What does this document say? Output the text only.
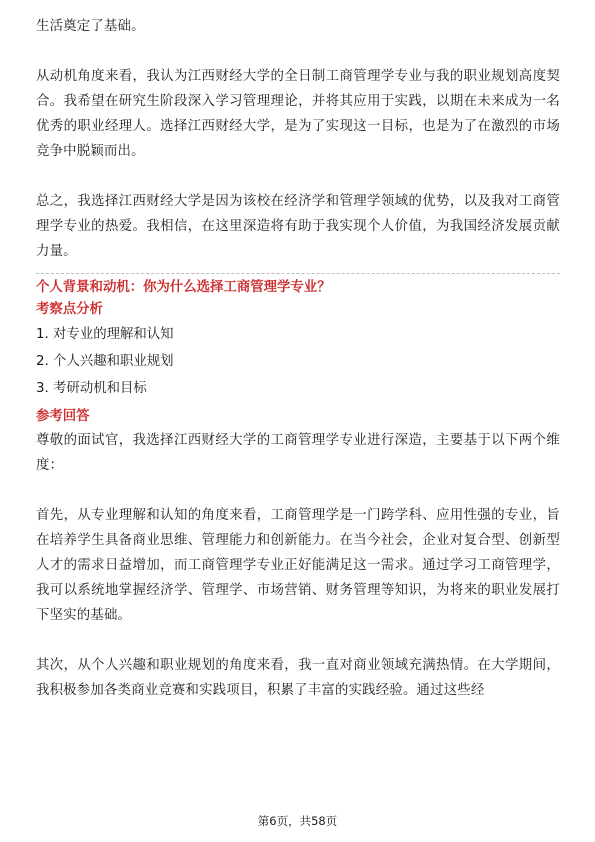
生活奠定了基础。

从动机角度来看，我认为江西财经大学的全日制工商管理学专业与我的职业规划高度契合。我希望在研究生阶段深入学习管理理论，并将其应用于实践，以期在未来成为一名优秀的职业经理人。选择江西财经大学，是为了实现这一目标，也是为了在激烈的市场竞争中脱颖而出。

总之，我选择江西财经大学是因为该校在经济学和管理学领域的优势，以及我对工商管理学专业的热爱。我相信，在这里深造将有助于我实现个人价值，为我国经济发展贡献力量。

个人背景和动机：你为什么选择工商管理学专业？

考察点分析

1. 对专业的理解和认知

2. 个人兴趣和职业规划

3. 考研动机和目标

参考回答

尊敬的面试官，我选择江西财经大学的工商管理学专业进行深造，主要基于以下两个维度：

首先，从专业理解和认知的角度来看，工商管理学是一门跨学科、应用性强的专业，旨在培养学生具备商业思维、管理能力和创新能力。在当今社会，企业对复合型、创新型人才的需求日益增加，而工商管理学专业正好能满足这一需求。通过学习工商管理学，我可以系统地掌握经济学、管理学、市场营销、财务管理等知识，为将来的职业发展打下坚实的基础。

其次，从个人兴趣和职业规划的角度来看，我一直对商业领域充满热情。在大学期间，我积极参加各类商业竞赛和实践项目，积累了丰富的实践经验。通过这些经

第6页，共58页
